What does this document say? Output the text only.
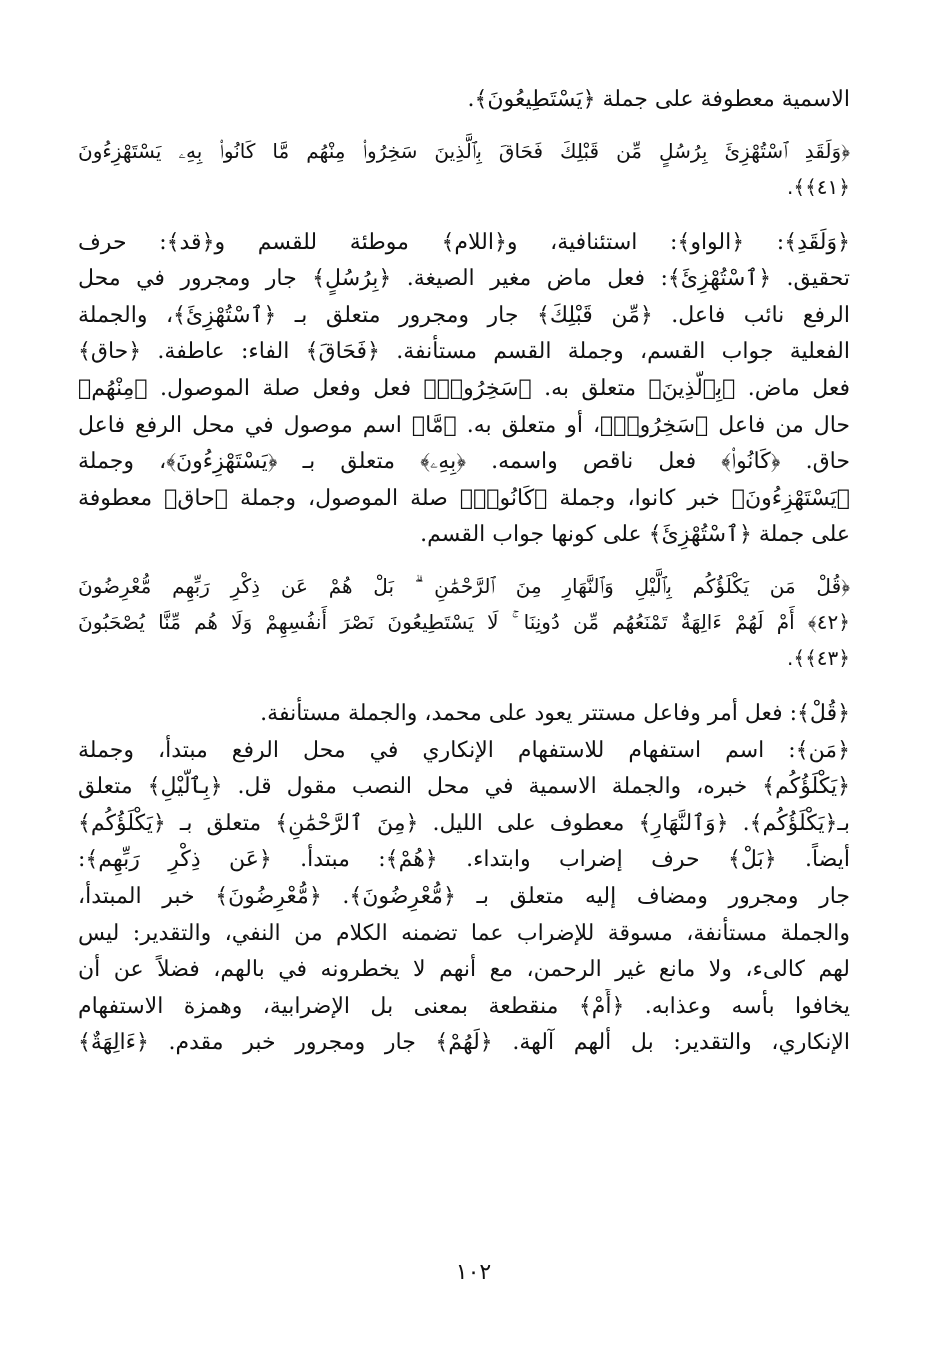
الاسمية معطوفة على جملة ﴿يَسْتَطِيعُونَ﴾.
﴿وَلَقَدِ ٱسْتُهْزِئَ بِرُسُلٍ مِّن قَبْلِكَ فَحَاقَ بِٱلَّذِينَ سَخِرُوا۟ مِنْهُم مَّا كَانُوا۟ بِهِۦ يَسْتَهْزِءُونَ
﴿٤١﴾﴾.
﴿وَلَقَدِ﴾: ﴿الواو﴾: استئنافية، و﴿اللام﴾ موطئة للقسم و﴿قد﴾: حرف
تحقيق. ﴿ٱسْتُهْزِئَ﴾: فعل ماض مغير الصيغة. ﴿بِرُسُلٍ﴾ جار ومجرور في محل
الرفع نائب فاعل. ﴿مِّن قَبْلِكَ﴾ جار ومجرور متعلق بـ ﴿ٱسْتُهْزِئَ﴾، والجملة
الفعلية جواب القسم، وجملة القسم مستأنفة. ﴿فَحَاقَ﴾ الفاء: عاطفة. ﴿حاق﴾
فعل ماض. ﴿بِٱلَّذِينَ﴾ متعلق به. ﴿سَخِرُوا۟﴾ فعل وفعل صلة الموصول. ﴿مِنْهُم﴾
حال من فاعل ﴿سَخِرُوا۟﴾، أو متعلق به. ﴿مَّا﴾ اسم موصول في محل الرفع فاعل
حاق. ﴿كَانُوا۟﴾ فعل ناقص واسمه. ﴿بِهِۦ﴾ متعلق بـ ﴿يَسْتَهْزِءُونَ﴾، وجملة
﴿يَسْتَهْزِءُونَ﴾ خبر كانوا، وجملة ﴿كَانُوا۟﴾ صلة الموصول، وجملة ﴿حاق﴾ معطوفة
على جملة ﴿ٱسْتُهْزِئَ﴾ على كونها جواب القسم.
﴿قُلْ مَن يَكْلَؤُكُم بِٱلَّيْلِ وَٱلنَّهَارِ مِنَ ٱلرَّحْمَٰنِ ۗ بَلْ هُمْ عَن ذِكْرِ رَبِّهِم مُّعْرِضُونَ
﴿٤٢﴾ أَمْ لَهُمْ ءَالِهَةٌ تَمْنَعُهُم مِّن دُونِنَا ۚ لَا يَسْتَطِيعُونَ نَصْرَ أَنفُسِهِمْ وَلَا هُم مِّنَّا يُصْحَبُونَ
﴿٤٣﴾﴾.
﴿قُلْ﴾: فعل أمر وفاعل مستتر يعود على محمد، والجملة مستأنفة.
﴿مَن﴾: اسم استفهام للاستفهام الإنكاري في محل الرفع مبتدأ، وجملة
﴿يَكْلَؤُكُم﴾ خبره، والجملة الاسمية في محل النصب مقول قل. ﴿بِٱلَّيْلِ﴾ متعلق
بـ﴿يَكْلَؤُكُم﴾. ﴿وَٱلنَّهَارِ﴾ معطوف على الليل. ﴿مِنَ ٱلرَّحْمَٰنِ﴾ متعلق بـ ﴿يَكْلَؤُكُم﴾
أيضاً. ﴿بَلْ﴾ حرف إضراب وابتداء. ﴿هُمْ﴾: مبتدأ. ﴿عَن ذِكْرِ رَبِّهِم﴾:
جار ومجرور ومضاف إليه متعلق بـ ﴿مُّعْرِضُونَ﴾. ﴿مُّعْرِضُونَ﴾ خبر المبتدأ،
والجملة مستأنفة، مسوقة للإضراب عما تضمنه الكلام من النفي، والتقدير: ليس
لهم كالىء، ولا مانع غير الرحمن، مع أنهم لا يخطرونه في بالهم، فضلاً عن أن
يخافوا بأسه وعذابه. ﴿أَمْ﴾ منقطعة بمعنى بل الإضرابية، وهمزة الاستفهام
الإنكاري، والتقدير: بل ألهم آلهة. ﴿لَهُمْ﴾ جار ومجرور خبر مقدم. ﴿ءَالِهَةٌ﴾
١٠٢
